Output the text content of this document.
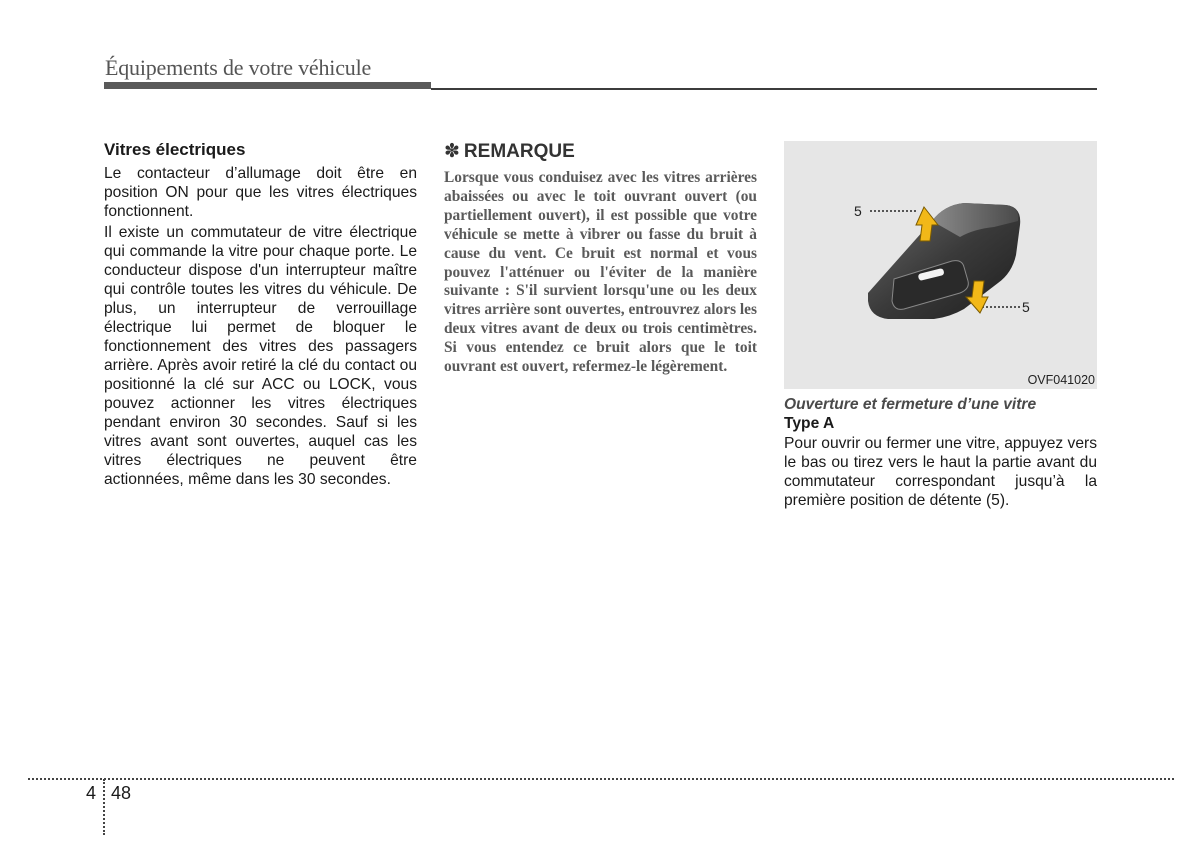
Équipements de votre véhicule
Vitres électriques

Le contacteur d’allumage doit être en position ON pour que les vitres électriques fonctionnent.

Il existe un commutateur de vitre électrique qui commande la vitre pour chaque porte. Le conducteur dispose d'un interrupteur maître qui contrôle toutes les vitres du véhicule. De plus, un interrupteur de verrouillage électrique lui permet de bloquer le fonctionnement des vitres des passagers arrière. Après avoir retiré la clé du contact ou positionné la clé sur ACC ou LOCK, vous pouvez actionner les vitres électriques pendant environ 30 secondes. Sauf si les vitres avant sont ouvertes, auquel cas les vitres électriques ne peuvent être actionnées, même dans les 30 secondes.

✽ REMARQUE

Lorsque vous conduisez avec les vitres arrières abaissées ou avec le toit ouvrant ouvert (ou partiellement ouvert), il est possible que votre véhicule se mette à vibrer ou fasse du bruit à cause du vent. Ce bruit est normal et vous pouvez l'atténuer ou l'éviter de la manière suivante : S'il survient lorsqu'une ou les deux vitres arrière sont ouvertes, entrouvrez alors les deux vitres avant de deux ou trois centimètres. Si vous entendez ce bruit alors que le toit ouvrant est ouvert, refermez-le légèrement.

5
5
OVF041020
Ouverture et fermeture d’une vitre
Type A

Pour ouvrir ou fermer une vitre, appuyez vers le bas ou tirez vers le haut la partie avant du commutateur correspondant jusqu’à la première position de détente (5).

4 48
